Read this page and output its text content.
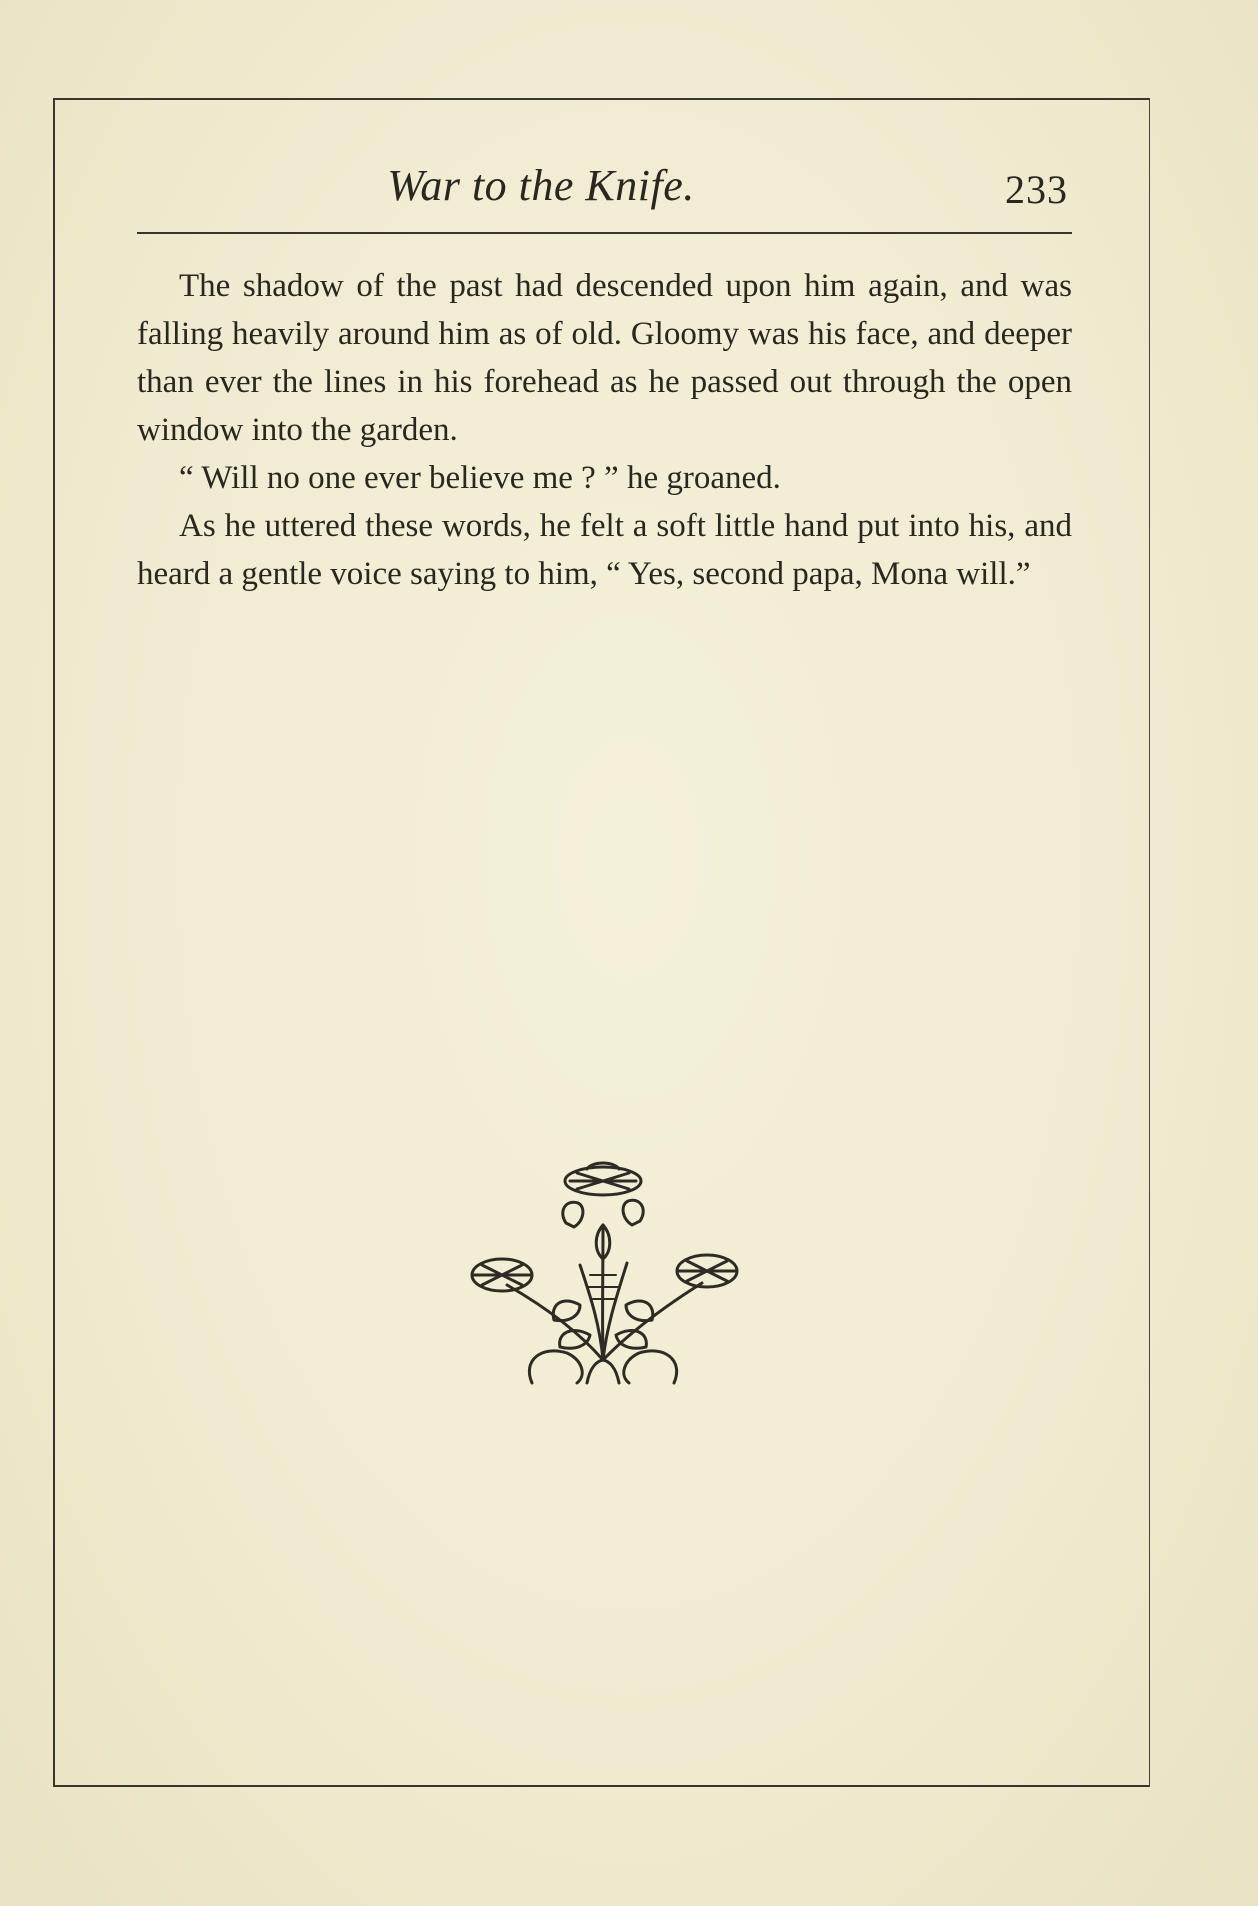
War to the Knife.	233

The shadow of the past had descended upon him again, and was falling heavily around him as of old. Gloomy was his face, and deeper than ever the lines in his forehead as he passed out through the open window into the garden.

“ Will no one ever believe me ? ” he groaned.

As he uttered these words, he felt a soft little hand put into his, and heard a gentle voice saying to him, “ Yes, second papa, Mona will.”
